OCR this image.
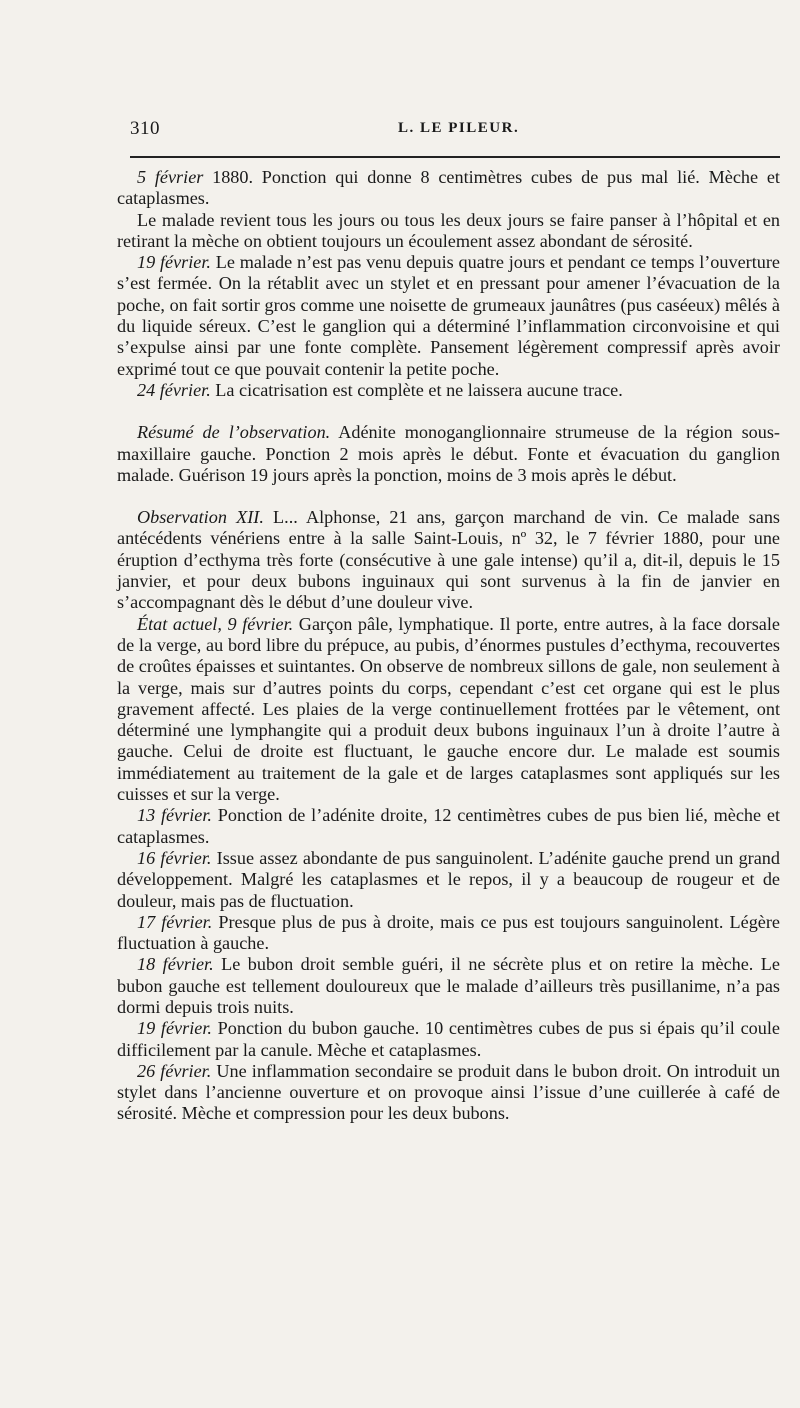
310	L. LE PILEUR.

5 février 1880. Ponction qui donne 8 centimètres cubes de pus mal lié. Mèche et cataplasmes.

Le malade revient tous les jours ou tous les deux jours se faire panser à l’hôpital et en retirant la mèche on obtient toujours un écoulement assez abondant de sérosité.

19 février. Le malade n’est pas venu depuis quatre jours et pendant ce temps l’ouverture s’est fermée. On la rétablit avec un stylet et en pressant pour amener l’évacuation de la poche, on fait sortir gros comme une noisette de grumeaux jaunâtres (pus caséeux) mêlés à du liquide séreux. C’est le ganglion qui a déterminé l’inflammation circonvoisine et qui s’expulse ainsi par une fonte complète. Pansement légèrement compressif après avoir exprimé tout ce que pouvait contenir la petite poche.

24 février. La cicatrisation est complète et ne laissera aucune trace.

Résumé de l’observation. Adénite monoganglionnaire strumeuse de la région sous-maxillaire gauche. Ponction 2 mois après le début. Fonte et évacuation du ganglion malade. Guérison 19 jours après la ponction, moins de 3 mois après le début.

Observation XII. L... Alphonse, 21 ans, garçon marchand de vin. Ce malade sans antécédents vénériens entre à la salle Saint-Louis, nº 32, le 7 février 1880, pour une éruption d’ecthyma très forte (consécutive à une gale intense) qu’il a, dit-il, depuis le 15 janvier, et pour deux bubons inguinaux qui sont survenus à la fin de janvier en s’accompagnant dès le début d’une douleur vive.

État actuel, 9 février. Garçon pâle, lymphatique. Il porte, entre autres, à la face dorsale de la verge, au bord libre du prépuce, au pubis, d’énormes pustules d’ecthyma, recouvertes de croûtes épaisses et suintantes. On observe de nombreux sillons de gale, non seulement à la verge, mais sur d’autres points du corps, cependant c’est cet organe qui est le plus gravement affecté. Les plaies de la verge continuellement frottées par le vêtement, ont déterminé une lymphangite qui a produit deux bubons inguinaux l’un à droite l’autre à gauche. Celui de droite est fluctuant, le gauche encore dur. Le malade est soumis immédiatement au traitement de la gale et de larges cataplasmes sont appliqués sur les cuisses et sur la verge.

13 février. Ponction de l’adénite droite, 12 centimètres cubes de pus bien lié, mèche et cataplasmes.

16 février. Issue assez abondante de pus sanguinolent. L’adénite gauche prend un grand développement. Malgré les cataplasmes et le repos, il y a beaucoup de rougeur et de douleur, mais pas de fluctuation.

17 février. Presque plus de pus à droite, mais ce pus est toujours sanguinolent. Légère fluctuation à gauche.

18 février. Le bubon droit semble guéri, il ne sécrète plus et on retire la mèche. Le bubon gauche est tellement douloureux que le malade d’ailleurs très pusillanime, n’a pas dormi depuis trois nuits.

19 février. Ponction du bubon gauche. 10 centimètres cubes de pus si épais qu’il coule difficilement par la canule. Mèche et cataplasmes.

26 février. Une inflammation secondaire se produit dans le bubon droit. On introduit un stylet dans l’ancienne ouverture et on provoque ainsi l’issue d’une cuillerée à café de sérosité. Mèche et compression pour les deux bubons.
